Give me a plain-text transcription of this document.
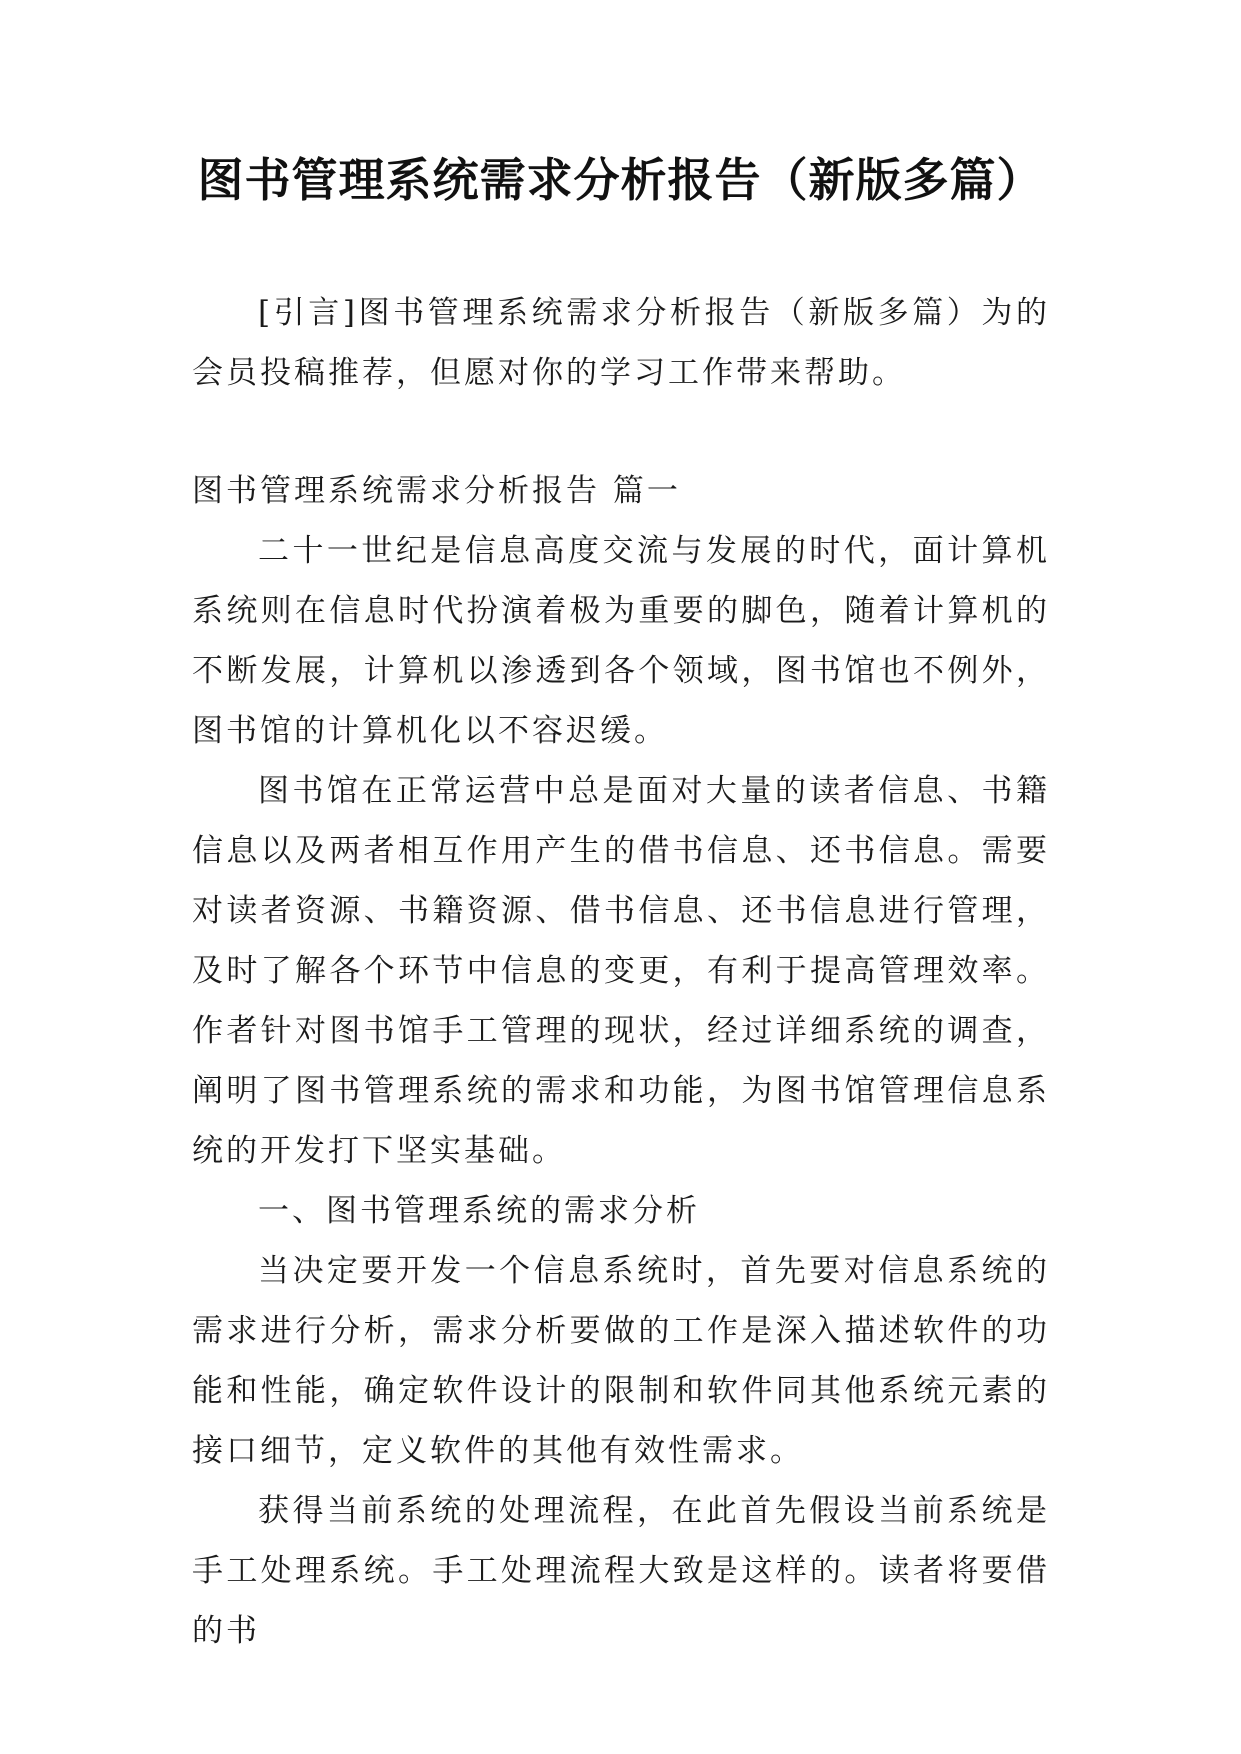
图书管理系统需求分析报告（新版多篇）

[引言]图书管理系统需求分析报告（新版多篇）为的会员投稿推荐，但愿对你的学习工作带来帮助。

图书管理系统需求分析报告 篇一

二十一世纪是信息高度交流与发展的时代，面计算机系统则在信息时代扮演着极为重要的脚色，随着计算机的不断发展，计算机以渗透到各个领域，图书馆也不例外，图书馆的计算机化以不容迟缓。

图书馆在正常运营中总是面对大量的读者信息、书籍信息以及两者相互作用产生的借书信息、还书信息。需要对读者资源、书籍资源、借书信息、还书信息进行管理，及时了解各个环节中信息的变更，有利于提高管理效率。作者针对图书馆手工管理的现状，经过详细系统的调查，阐明了图书管理系统的需求和功能，为图书馆管理信息系统的开发打下坚实基础。

一、图书管理系统的需求分析

当决定要开发一个信息系统时，首先要对信息系统的需求进行分析，需求分析要做的工作是深入描述软件的功能和性能，确定软件设计的限制和软件同其他系统元素的接口细节，定义软件的其他有效性需求。

获得当前系统的处理流程，在此首先假设当前系统是手工处理系统。手工处理流程大致是这样的。读者将要借的书
